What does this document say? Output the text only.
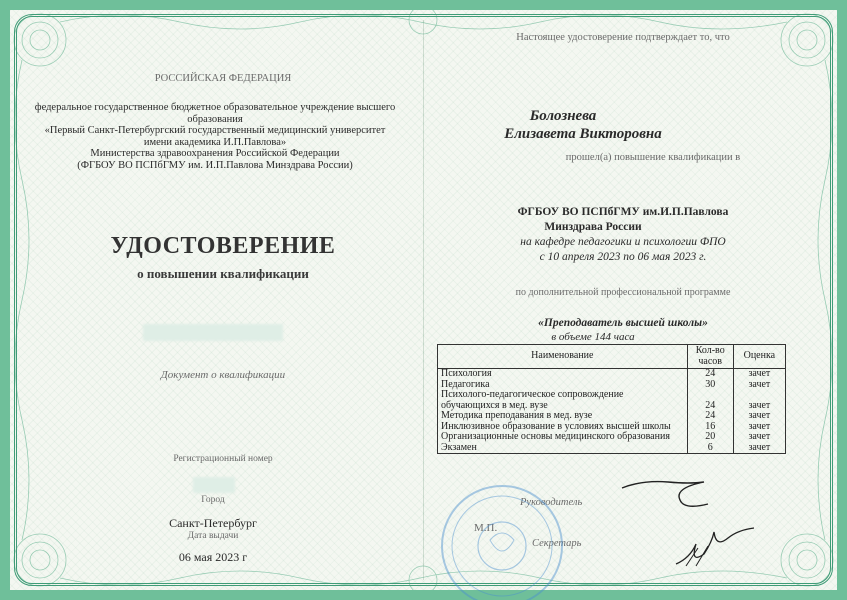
РОССИЙСКАЯ ФЕДЕРАЦИЯ

федеральное государственное бюджетное образовательное учреждение высшего
образования
«Первый Санкт-Петербургский государственный медицинский университет
имени академика И.П.Павлова»
Министерства здравоохранения Российской Федерации
(ФГБОУ ВО ПСПбГМУ им. И.П.Павлова Минздрава России)

УДОСТОВЕРЕНИЕ

о повышении квалификации

Документ о квалификации

Регистрационный номер

Город

Санкт-Петербург

Дата выдачи

06 мая 2023 г

Настоящее удостоверение подтверждает то, что

Болознева

Елизавета Викторовна

прошел(а) повышение квалификации в

ФГБОУ ВО ПСПбГМУ им.И.П.Павлова

Минздрава России

на кафедре педагогики и психологии ФПО

с 10 апреля 2023 по 06 мая 2023 г.

по дополнительной профессиональной программе

«Преподаватель высшей школы»

в объеме 144 часа

Наименование	Кол-во часов	Оценка
Психология	24	зачет
Педагогика	30	зачет
Психолого-педагогическое сопровождение обучающихся в мед. вузе	24	зачет
Методика преподавания в мед. вузе	24	зачет
Инклюзивное образование в условиях высшей школы	16	зачет
Организационные основы медицинского образования	20	зачет
Экзамен	6	зачет

Руководитель

М.П.

Секретарь
